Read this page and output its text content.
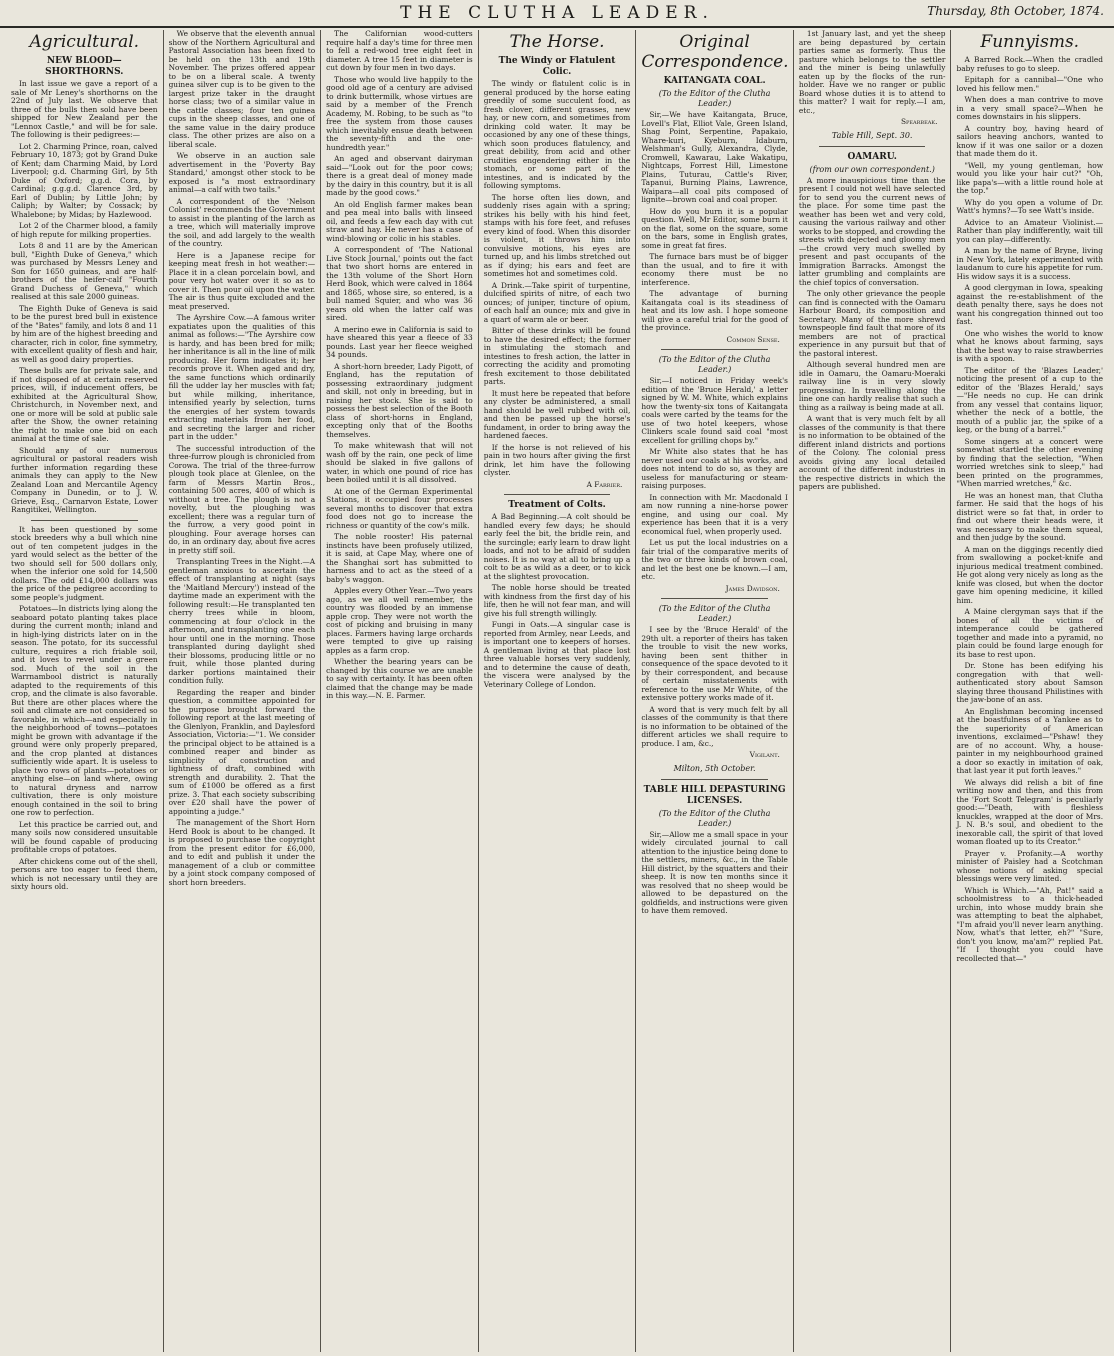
THE CLUTHA LEADER.	Thursday, 8th October, 1874.
Agricultural.
NEW BLOOD—SHORTHORNS.

In last issue we gave a report of a sale of Mr Leney's shorthorns on the 22nd of July last. We observe that three of the bulls then sold have been shipped for New Zealand per the "Lennox Castle," and will be for sale. The following is their pedigrees:—

Lot 2. Charming Prince, roan, calved February 10, 1873; got by Grand Duke of Kent; dam Charming Maid, by Lord Liverpool; g.d. Charming Girl, by 5th Duke of Oxford; g.g.d. Cora, by Cardinal; g.g.g.d. Clarence 3rd, by Earl of Dublin; by Little John; by Caliph; by Walter; by Cossack; by Whalebone; by Midas; by Hazlewood.

Lot 2 of the Charmer blood, a family of high repute for milking properties.

Lots 8 and 11 are by the American bull, "Eighth Duke of Geneva," which was purchased by Messrs Leney and Son for 1650 guineas, and are half-brothers of the heifer-calf "Fourth Grand Duchess of Geneva," which realised at this sale 2000 guineas.

The Eighth Duke of Geneva is said to be the purest bred bull in existence of the "Bates" family, and lots 8 and 11 by him are of the highest breeding and character, rich in color, fine symmetry, with excellent quality of flesh and hair, as well as good dairy properties.

These bulls are for private sale, and if not disposed of at certain reserved prices, will, if inducement offers, be exhibited at the Agricultural Show, Christchurch, in November next, and one or more will be sold at public sale after the Show, the owner retaining the right to make one bid on each animal at the time of sale.

Should any of our numerous agricultural or pastoral readers wish further information regarding these animals they can apply to the New Zealand Loan and Mercantile Agency Company in Dunedin, or to J. W. Grieve, Esq., Carnarvon Estate, Lower Rangitikei, Wellington.

It has been questioned by some stock breeders why a bull which nine out of ten competent judges in the yard would select as the better of the two should sell for 500 dollars only, when the inferior one sold for 14,500 dollars. The odd £14,000 dollars was the price of the pedigree according to some people's judgment.

Potatoes—In districts lying along the seaboard potato planting takes place during the current month; inland and in high-lying districts later on in the season. The potato, for its successful culture, requires a rich friable soil, and it loves to revel under a green sod. Much of the soil in the Warrnambool district is naturally adapted to the requirements of this crop, and the climate is also favorable. But there are other places where the soil and climate are not considered so favorable, in which—and especially in the neighborhood of towns—potatoes might be grown with advantage if the ground were only properly prepared, and the crop planted at distances sufficiently wide apart. It is useless to place two rows of plants—potatoes or anything else—on land where, owing to natural dryness and narrow cultivation, there is only moisture enough contained in the soil to bring one row to perfection.

Let this practice be carried out, and many soils now considered unsuitable will be found capable of producing profitable crops of potatoes.

After chickens come out of the shell, persons are too eager to feed them, which is not necessary until they are sixty hours old.

We observe that the eleventh annual show of the Northern Agricultural and Pastoral Association has been fixed to be held on the 13th and 19th November. The prizes offered appear to be on a liberal scale. A twenty guinea silver cup is to be given to the largest prize taker in the draught horse class; two of a similar value in the cattle classes; four ten guinea cups in the sheep classes, and one of the same value in the dairy produce class. The other prizes are also on a liberal scale.

We observe in an auction sale advertisement in the 'Poverty Bay Standard,' amongst other stock to be exposed is "a most extraordinary animal—a calf with two tails."

A correspondent of the 'Nelson Colonist' recommends the Government to assist in the planting of the larch as a tree, which will materially improve the soil, and add largely to the wealth of the country.

Here is a Japanese recipe for keeping meat fresh in hot weather:—Place it in a clean porcelain bowl, and pour very hot water over it so as to cover it. Then pour oil upon the water. The air is thus quite excluded and the meat preserved.

The Ayrshire Cow.—A famous writer expatiates upon the qualities of this animal as follows:—"The Ayrshire cow is hardy, and has been bred for milk; her inheritance is all in the line of milk producing. Her form indicates it; her records prove it. When aged and dry, the same functions which ordinarily fill the udder lay her muscles with fat; but while milking, inheritance, intensified yearly by selection, turns the energies of her system towards extracting materials from her food, and secreting the larger and richer part in the udder."

The successful introduction of the three-furrow plough is chronicled from Corowa. The trial of the three-furrow plough took place at Glenlee, on the farm of Messrs Martin Bros., containing 500 acres, 400 of which is witthout a tree. The plough is not a novelty, but the ploughing was excellent; there was a regular turn of the furrow, a very good point in ploughing. Four average horses can do, in an ordinary day, about five acres in pretty stiff soil.

Transplanting Trees in the Night.—A gentleman anxious to ascertain the effect of transplanting at night (says the 'Maitland Mercury') instead of the daytime made an experiment with the following result:—He transplanted ten cherry trees while in bloom, commencing at four o'clock in the afternoon, and transplanting one each hour until one in the morning. Those transplanted during daylight shed their blossoms, producing little or no fruit, while those planted during darker portions maintained their condition fully.

Regarding the reaper and binder question, a committee appointed for the purpose brought forward the following report at the last meeting of the Glenlyon, Franklin, and Daylesford Association, Victoria:—"1. We consider the principal object to be attained is a combined reaper and binder as simplicity of construction and lightness of draft, combined with strength and durability. 2. That the sum of £1000 be offered as a first prize. 3. That each society subscribing over £20 shall have the power of appointing a judge."

The management of the Short Horn Herd Book is about to be changed. It is proposed to purchase the copyright from the present editor for £6,000, and to edit and publish it under the management of a club or committee by a joint stock company composed of short horn breeders.

The Californian wood-cutters require half a day's time for three men to fell a red-wood tree eight feet in diameter. A tree 15 feet in diameter is cut down by four men in two days.

Those who would live happily to the good old age of a century are advised to drink buttermilk, whose virtues are said by a member of the French Academy, M. Robing, to be such as "to free the system from those causes which inevitably ensue death between the seventy-fifth and the one-hundredth year."

An aged and observant dairyman said—"Look out for the poor cows; there is a great deal of money made by the dairy in this country, but it is all made by the good cows."

An old English farmer makes bean and pea meal into balls with linseed oil, and feeds a few each day with cut straw and hay. He never has a case of wind-blowing or colic in his stables.

A correspondent of 'The National Live Stock Journal,' points out the fact that two short horns are entered in the 13th volume of the Short Horn Herd Book, which were calved in 1864 and 1865, whose sire, so entered, is a bull named Squier, and who was 36 years old when the latter calf was sired.

A merino ewe in California is said to have sheared this year a fleece of 33 pounds. Last year her fleece weighed 34 pounds.

A short-horn breeder, Lady Pigott, of England, has the reputation of possessing extraordinary judgment and skill, not only in breeding, but in raising her stock. She is said to possess the best selection of the Booth class of short-horns in England, excepting only that of the Booths themselves.

To make whitewash that will not wash off by the rain, one peck of lime should be slaked in five gallons of water, in which one pound of rice has been boiled until it is all dissolved.

At one of the German Experimental Stations, it occupied four processes several months to discover that extra food does not go to increase the richness or quantity of the cow's milk.

The noble rooster! His paternal instincts have been profusely utilized, it is said, at Cape May, where one of the Shanghai sort has submitted to harness and to act as the steed of a baby's waggon.

Apples every Other Year.—Two years ago, as we all well remember, the country was flooded by an immense apple crop. They were not worth the cost of picking and bruising in many places. Farmers having large orchards were tempted to give up raising apples as a farm crop.

Whether the bearing years can be changed by this course we are unable to say with certainty. It has been often claimed that the change may be made in this way.—N. E. Farmer.

The Horse.
The Windy or Flatulent Colic.

The windy or flatulent colic is in general produced by the horse eating greedily of some succulent food, as fresh clover, different grasses, new hay, or new corn, and sometimes from drinking cold water. It may be occasioned by any one of these things, which soon produces flatulency, and great debility, from acid and other crudities engendering either in the stomach, or some part of the intestines, and is indicated by the following symptoms.

The horse often lies down, and suddenly rises again with a spring; strikes his belly with his hind feet, stamps with his fore feet, and refuses every kind of food. When this disorder is violent, it throws him into convulsive motions, his eyes are turned up, and his limbs stretched out as if dying; his ears and feet are sometimes hot and sometimes cold.

A Drink.—Take spirit of turpentine, dulcified spirits of nitre, of each two ounces; of juniper, tincture of opium, of each half an ounce; mix and give in a quart of warm ale or beer.

Bitter of these drinks will be found to have the desired effect; the former in stimulating the stomach and intestines to fresh action, the latter in correcting the acidity and promoting fresh excitement to those debilitated parts.

It must here be repeated that before any clyster be administered, a small hand should be well rubbed with oil, and then be passed up the horse's fundament, in order to bring away the hardened faeces.

If the horse is not relieved of his pain in two hours after giving the first drink, let him have the following clyster.

A Farrier.
Treatment of Colts.

A Bad Beginning.—A colt should be handled every few days; he should early feel the bit, the bridle rein, and the surcingle; early learn to draw light loads, and not to be afraid of sudden noises. It is no way at all to bring up a colt to be as wild as a deer, or to kick at the slightest provocation.

The noble horse should be treated with kindness from the first day of his life, then he will not fear man, and will give his full strength willingly.

Fungi in Oats.—A singular case is reported from Armley, near Leeds, and is important one to keepers of horses. A gentleman living at that place lost three valuable horses very suddenly, and to determine the cause of death, the viscera were analysed by the Veterinary College of London.

Original Correspondence.
KAITANGATA COAL.
(To the Editor of the Clutha Leader.)

Sir,—We have Kaitangata, Bruce, Lovell's Flat, Elliot Vale, Green Island, Shag Point, Serpentine, Papakaio, Whare-kuri, Kyeburn, Idaburn, Welshman's Gully, Alexandra, Clyde, Cromwell, Kawarau, Lake Wakatipu, Nightcaps, Forrest Hill, Limestone Plains, Tuturau, Cattle's River, Tapanui, Burning Plains, Lawrence, Waipara—all coal pits composed of lignite—brown coal and coal proper.

How do you burn it is a popular question. Well, Mr Editor, some burn it on the flat, some on the square, some on the bars, some in English grates, some in great fat fires.

The furnace bars must be of bigger than the usual, and to fire it with economy there must be no interference.

The advantage of burning Kaitangata coal is its steadiness of heat and its low ash. I hope someone will give a careful trial for the good of the province.

Common Sense.
(To the Editor of the Clutha Leader.)

Sir,—I noticed in Friday week's edition of the 'Bruce Herald,' a letter signed by W. M. White, which explains how the twenty-six tons of Kaitangata coals were carted by the teams for the use of two hotel keepers, whose Clinkers scale found said coal "most excellent for grilling chops by."

Mr White also states that he has never used our coals at his works, and does not intend to do so, as they are useless for manufacturing or steam-raising purposes.

In connection with Mr. Macdonald I am now running a nine-horse power engine, and using our coal. My experience has been that it is a very economical fuel, when properly used.

Let us put the local industries on a fair trial of the comparative merits of the two or three kinds of brown coal, and let the best one be known.—I am, etc.

James Davidson.
(To the Editor of the Clutha Leader.)

I see by the 'Bruce Herald' of the 29th ult. a reporter of theirs has taken the trouble to visit the new works, having been sent thither in consequence of the space devoted to it by their correspondent, and because of certain misstatements with reference to the use Mr White, of the extensive pottery works made of it.

A word that is very much felt by all classes of the community is that there is no information to be obtained of the different articles we shall require to produce. I am, &c.,

Vigilant.
Milton, 5th October.
TABLE HILL DEPASTURING LICENSES.
(To the Editor of the Clutha Leader.)

Sir,—Allow me a small space in your widely circulated journal to call attention to the injustice being done to the settlers, miners, &c., in the Table Hill district, by the squatters and their sheep. It is now ten months since it was resolved that no sheep would be allowed to be depastured on the goldfields, and instructions were given to have them removed.

1st January last, and yet the sheep are being depastured by certain parties same as formerly. Thus the pasture which belongs to the settler and the miner is being unlawfully eaten up by the flocks of the run-holder. Have we no ranger or public Board whose duties it is to attend to this matter? I wait for reply.—I am, etc.,

Spearbeak.
Table Hill, Sept. 30.
OAMARU.
(from our own correspondent.)

A more inauspicious time than the present I could not well have selected for to send you the current news of the place. For some time past the weather has been wet and very cold, causing the various railway and other works to be stopped, and crowding the streets with dejected and gloomy men—the crowd very much swelled by present and past occupants of the Immigration Barracks. Amongst the latter grumbling and complaints are the chief topics of conversation.

The only other grievance the people can find is connected with the Oamaru Harbour Board, its composition and Secretary. Many of the more shrewd townspeople find fault that more of its members are not of practical experience in any pursuit but that of the pastoral interest.

Although several hundred men are idle in Oamaru, the Oamaru-Moeraki railway line is in very slowly progressing. In travelling along the line one can hardly realise that such a thing as a railway is being made at all.

A want that is very much felt by all classes of the community is that there is no information to be obtained of the different inland districts and portions of the Colony. The colonial press avoids giving any local detailed account of the different industries in the respective districts in which the papers are published.

Funnyisms.

A Barred Rock.—When the cradled baby refuses to go to sleep.

Epitaph for a cannibal—"One who loved his fellow men."

When does a man contrive to move in a very small space?—When he comes downstairs in his slippers.

A country boy, having heard of sailors heaving anchors, wanted to know if it was one sailor or a dozen that made them do it.

"Well, my young gentleman, how would you like your hair cut?" "Oh, like papa's—with a little round hole at the top."

Why do you open a volume of Dr. Watt's hymns?—To see Watt's inside.

Advice to an Amateur Violinist.—Rather than play indifferently, wait till you can play—differently.

A man by the name of Bryne, living in New York, lately experimented with laudanum to cure his appetite for rum. His widow says it is a success.

A good clergyman in Iowa, speaking against the re-establishment of the death penalty there, says he does not want his congregation thinned out too fast.

One who wishes the world to know what he knows about farming, says that the best way to raise strawberries is with a spoon.

The editor of the 'Blazes Leader,' noticing the present of a cup to the editor of the 'Blazes Herald,' says—"He needs no cup. He can drink from any vessel that contains liquor, whether the neck of a bottle, the mouth of a public jar, the spike of a keg, or the bung of a barrel."

Some singers at a concert were somewhat startled the other evening by finding that the selection, "When worried wretches sink to sleep," had been printed on the programmes, "When married wretches," &c.

He was an honest man, that Clutha farmer. He said that the hogs of his district were so fat that, in order to find out where their heads were, it was necessary to make them squeal, and then judge by the sound.

A man on the diggings recently died from swallowing a pocket-knife and injurious medical treatment combined. He got along very nicely as long as the knife was closed, but when the doctor gave him opening medicine, it killed him.

A Maine clergyman says that if the bones of all the victims of intemperance could be gathered together and made into a pyramid, no plain could be found large enough for its base to rest upon.

Dr. Stone has been edifying his congregation with that well-authenticated story about Samson slaying three thousand Philistines with the jaw-bone of an ass.

An Englishman becoming incensed at the boastfulness of a Yankee as to the superiority of American inventions, exclaimed—"Pshaw! they are of no account. Why, a house-painter in my neighbourhood grained a door so exactly in imitation of oak, that last year it put forth leaves."

We always did relish a bit of fine writing now and then, and this from the 'Fort Scott Telegram' is peculiarly good:—"Death, with fleshless knuckles, wrapped at the door of Mrs. J. N. B.'s soul, and obedient to the inexorable call, the spirit of that loved woman floated up to its Creator."

Prayer v. Profanity.—A worthy minister of Paisley had a Scotchman whose notions of asking special blessings were very limited.

Which is Which.—"Ah, Pat!" said a schoolmistress to a thick-headed urchin, into whose muddy brain she was attempting to beat the alphabet, "I'm afraid you'll never learn anything. Now, what's that letter, eh?" "Sure, don't you know, ma'am?" replied Pat. "If I thought you could have recollected that—"
